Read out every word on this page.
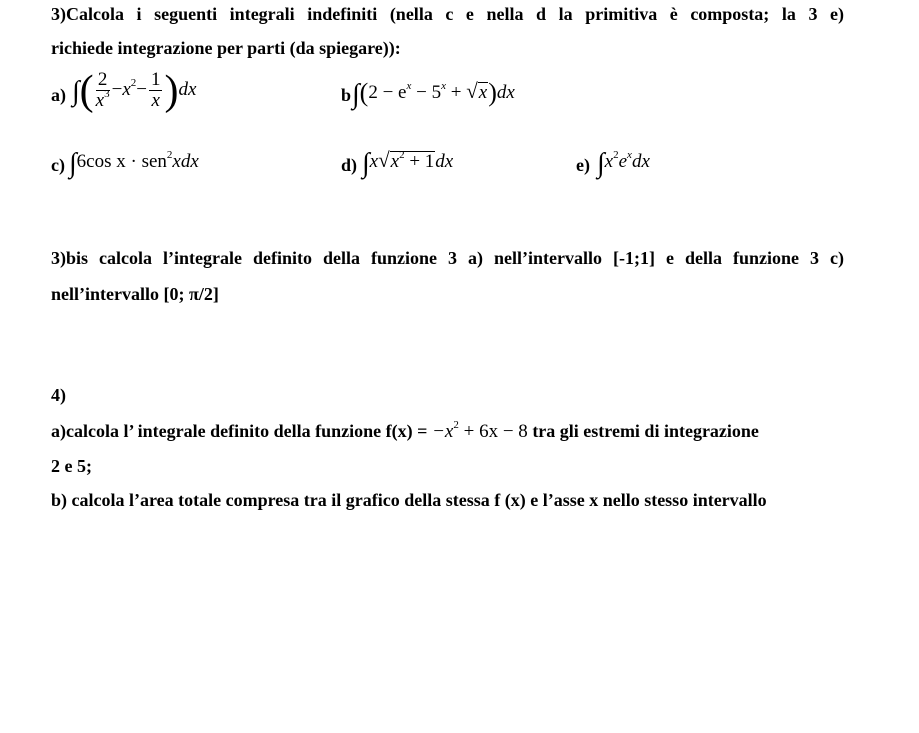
3)Calcola i seguenti integrali indefiniti (nella c e nella d la primitiva è composta; la 3 e)
richiede integrazione per parti (da spiegare)):
a) ∫( $\frac{2}{x^3} -x^2- \frac{1}{x} )dx$	b $\int(2 - e^x - 5^x + √x)dx$
c) ∫6cos x · sen$^2$xdx	d) $\int x√x^2 + 1dx$	e) $\int x^2e^xdx$
3)bis calcola l’integrale definito della funzione 3 a) nell’intervallo [-1;1] e della funzione 3 c)
nell’intervallo [0; π/2]
4)
a)calcola l’ integrale definito della funzione $f(x) = -x^2 + 6x - 8$ tra gli estremi di integrazione
2 e 5;
b) calcola l’area totale compresa tra il grafico della stessa f (x) e l’asse x nello stesso intervallo
